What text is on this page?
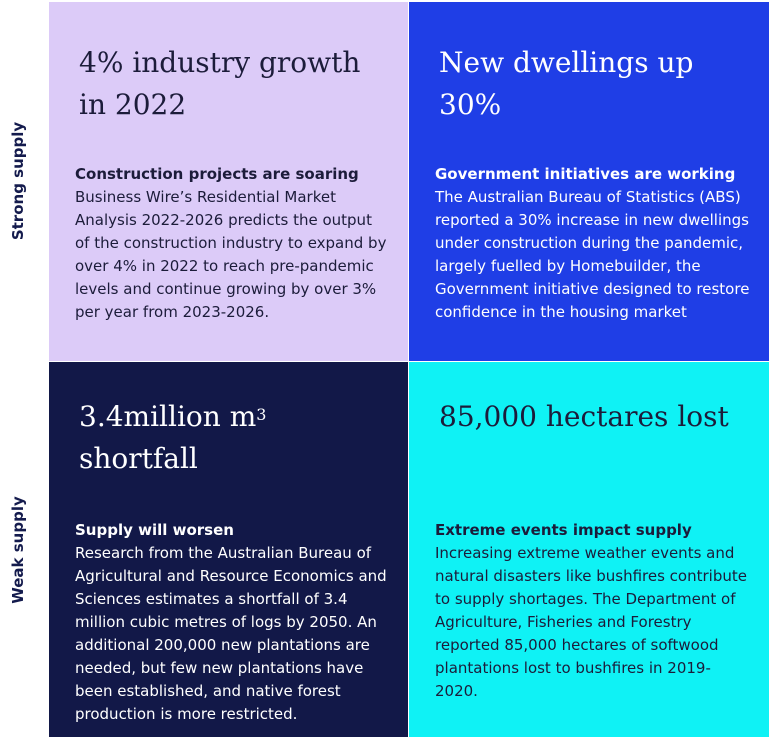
Strong supply
Weak supply
4% industry growth in 2022
Construction projects are soaring
Business Wire’s Residential Market Analysis 2022-2026 predicts the output of the construction industry to expand by over 4% in 2022 to reach pre-pandemic levels and continue growing by over 3% per year from 2023-2026.
New dwellings up 30%
Government initiatives are working
The Australian Bureau of Statistics (ABS) reported a 30% increase in new dwellings under construction during the pandemic, largely fuelled by Homebuilder, the Government initiative designed to restore confidence in the housing market
3.4million $m^3$
shortfall
Supply will worsen
Research from the Australian Bureau of Agricultural and Resource Economics and Sciences estimates a shortfall of 3.4 million cubic metres of logs by 2050. An additional 200,000 new plantations are needed, but few new plantations have been established, and native forest production is more restricted.
85,000 hectares lost
Extreme events impact supply
Increasing extreme weather events and natural disasters like bushfires contribute to supply shortages. The Department of Agriculture, Fisheries and Forestry reported 85,000 hectares of softwood plantations lost to bushfires in 2019-2020.
